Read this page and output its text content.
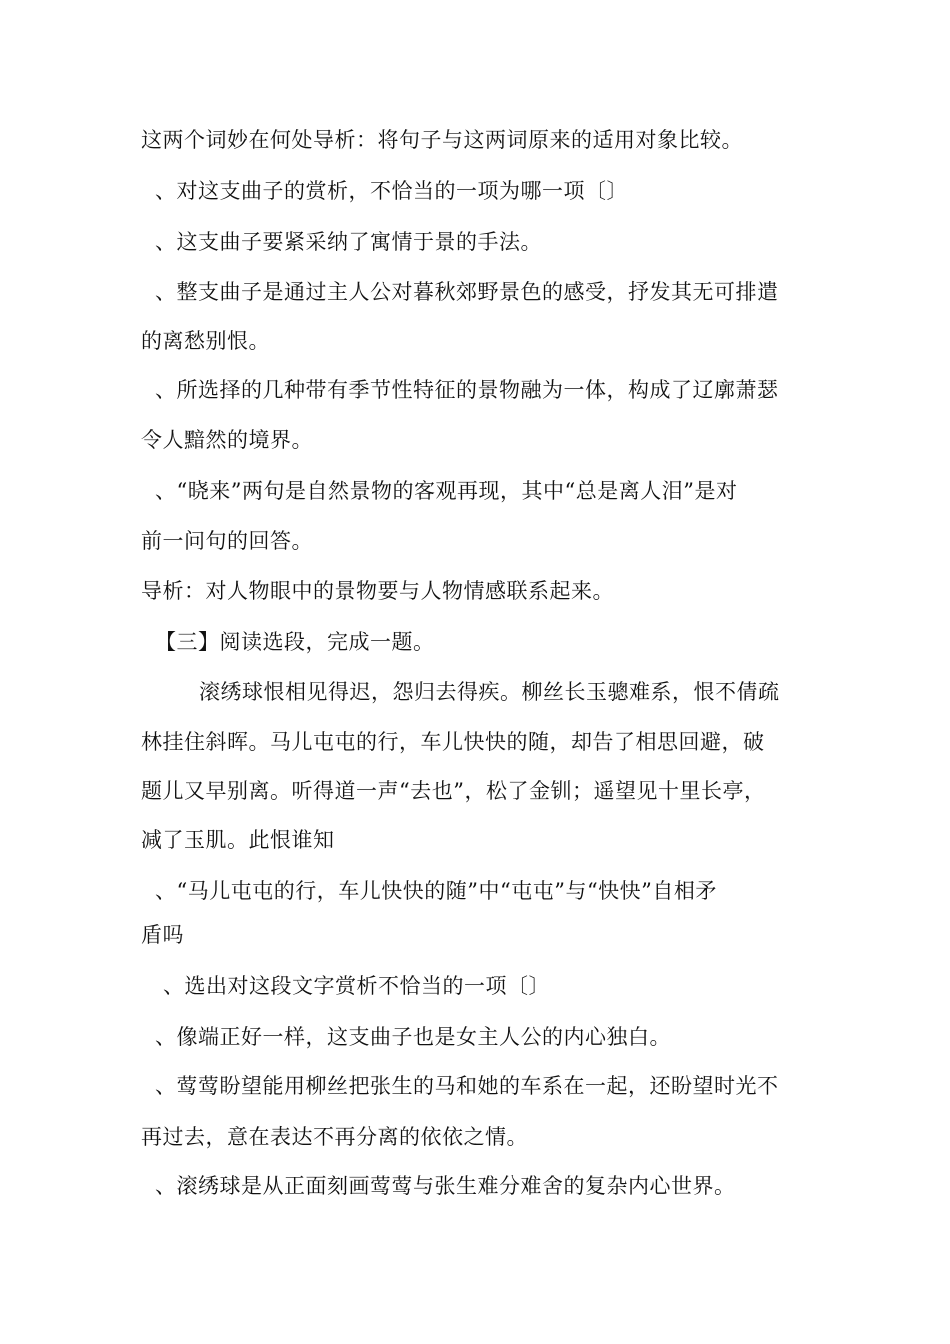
这两个词妙在何处导析：将句子与这两词原来的适用对象比较。
、对这支曲子的赏析，不恰当的一项为哪一项〔〕
、这支曲子要紧采纳了寓情于景的手法。
、整支曲子是通过主人公对暮秋郊野景色的感受，抒发其无可排遣
的离愁别恨。
、所选择的几种带有季节性特征的景物融为一体，构成了辽廓萧瑟
令人黯然的境界。
、“晓来”两句是自然景物的客观再现，其中“总是离人泪”是对
前一问句的回答。
导析：对人物眼中的景物要与人物情感联系起来。
【三】阅读选段，完成一题。
滚绣球恨相见得迟，怨归去得疾。柳丝长玉骢难系，恨不倩疏
林挂住斜晖。马儿屯屯的行，车儿快快的随，却告了相思回避，破
题儿又早别离。听得道一声“去也”，松了金钏；遥望见十里长亭，
减了玉肌。此恨谁知
、“马儿屯屯的行，车儿快快的随”中“屯屯”与“快快”自相矛
盾吗
、选出对这段文字赏析不恰当的一项〔〕
、像端正好一样，这支曲子也是女主人公的内心独白。
、莺莺盼望能用柳丝把张生的马和她的车系在一起，还盼望时光不
再过去，意在表达不再分离的依依之情。
、滚绣球是从正面刻画莺莺与张生难分难舍的复杂内心世界。
